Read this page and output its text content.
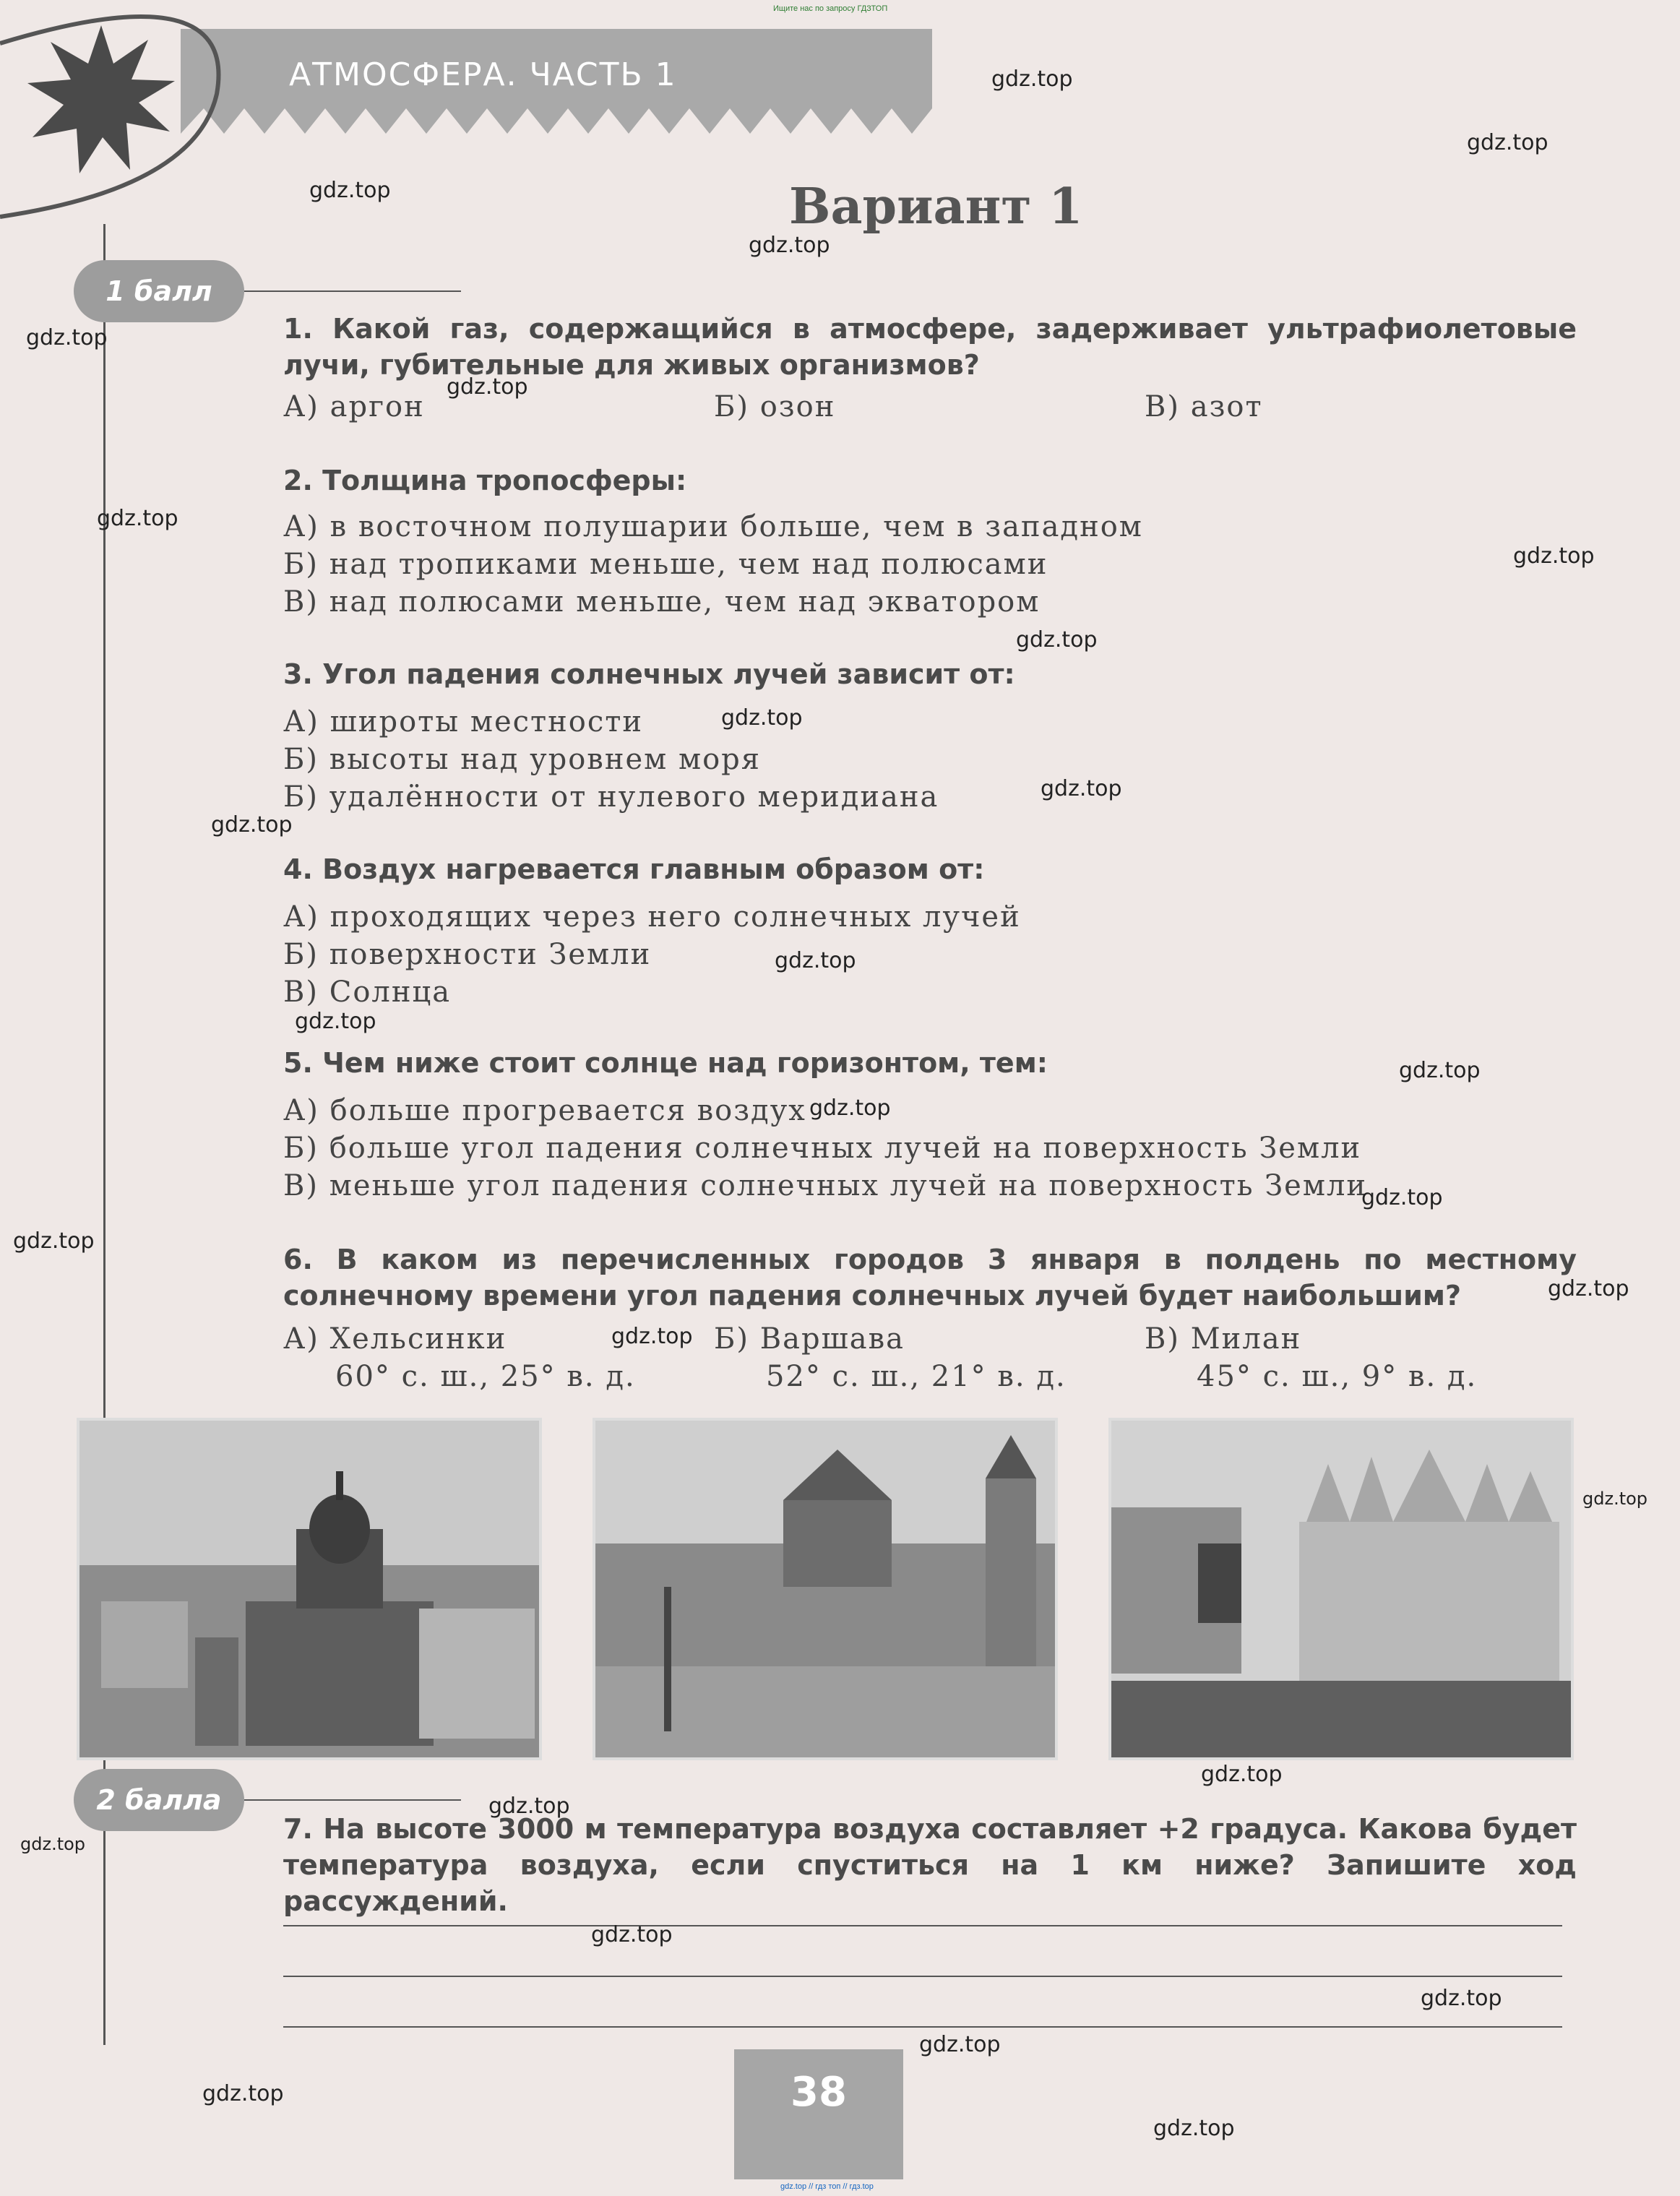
Ищите нас по запросу ГДЗТОП
gdz.top // гдз топ // гдз.top
АТМОСФЕРА. ЧАСТЬ 1
Вариант 1
1 балл
1. Какой газ, содержащийся в атмосфере, задерживает ультрафиолетовые лучи, губительные для живых организмов?
А) аргон	Б) озон	В) азот
2. Толщина тропосферы:
А) в восточном полушарии больше, чем в западном
Б) над тропиками меньше, чем над полюсами
В) над полюсами меньше, чем над экватором
3. Угол падения солнечных лучей зависит от:
А) широты местности
Б) высоты над уровнем моря
Б) удалённости от нулевого меридиана
4. Воздух нагревается главным образом от:
А) проходящих через него солнечных лучей
Б) поверхности Земли
В) Солнца
5. Чем ниже стоит солнце над горизонтом, тем:
А) больше прогревается воздух
Б) больше угол падения солнечных лучей на поверхность Земли
В) меньше угол падения солнечных лучей на поверхность Земли
6. В каком из перечисленных городов 3 января в полдень по местному солнечному времени угол падения солнечных лучей будет наибольшим?
А) Хельсинки
60° с. ш., 25° в. д.
Б) Варшава
52° с. ш., 21° в. д.
В) Милан
45° с. ш., 9° в. д.
2 балла
7. На высоте 3000 м температура воздуха составляет +2 градуса. Какова будет температура воздуха, если спуститься на 1 км ниже? Запишите ход рассуждений.
38
gdz.top
gdz.top
gdz.top
gdz.top
gdz.top
gdz.top
gdz.top
gdz.top
gdz.top
gdz.top
gdz.top
gdz.top
gdz.top
gdz.top
gdz.top
gdz.top
gdz.top
gdz.top
gdz.top
gdz.top
gdz.top
gdz.top
gdz.top
gdz.top
gdz.top
gdz.top
gdz.top
gdz.top
gdz.top
